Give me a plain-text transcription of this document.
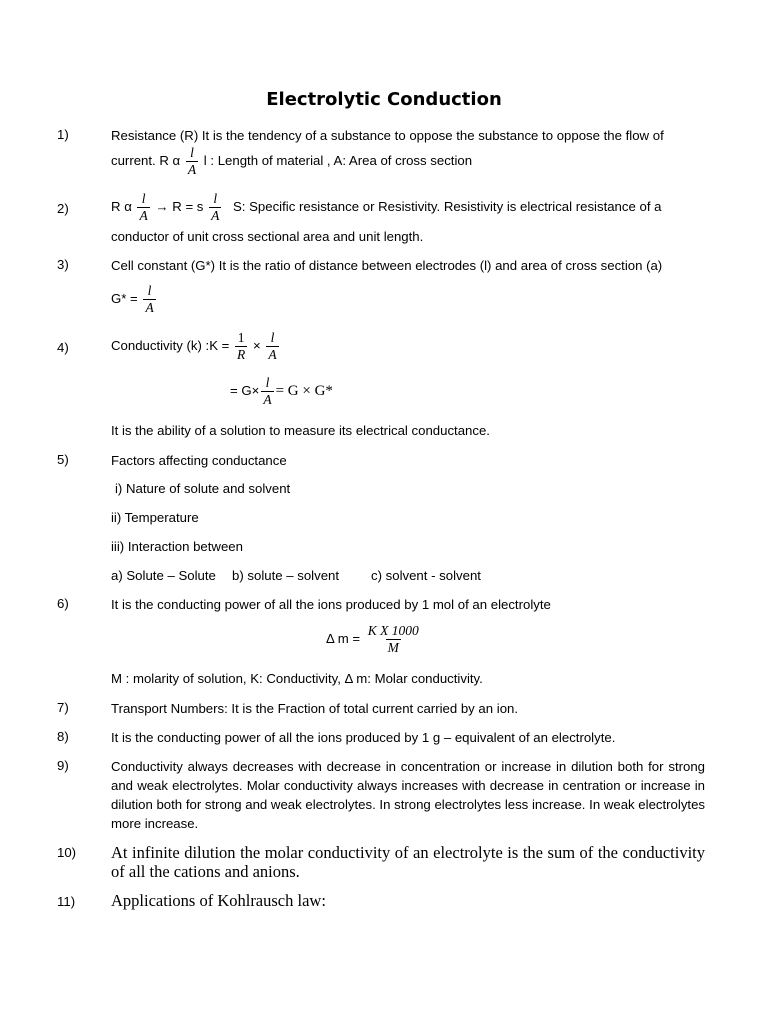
Electrolytic Conduction
1)	Resistance (R) It is the tendency of a substance to oppose the substance to oppose the flow of
current. R α $\frac{l}{A}$ l : Length of material , A: Area of cross section
2)	R α $\frac{l}{A} \to R = s \frac{l}{A} S$: Specific resistance or Resistivity. Resistivity is electrical resistance of a
conductor of unit cross sectional area and unit length.
3)	Cell constant (G*) It is the ratio of distance between electrodes (l) and area of cross section (a)
$G* = \frac{l}{A}$
4)	Conductivity (k) :K = $\frac{1}{R} \times \frac{l}{A}$
= $G\times \frac{l}{A} = G \times G*$
It is the ability of a solution to measure its electrical conductance.
5)	Factors affecting conductance
i) Nature of solute and solvent
ii) Temperature
iii) Interaction between
a) Solute – Solute b) solute – solvent c) solvent - solvent
6)	It is the conducting power of all the ions produced by 1 mol of an electrolyte
Δ $m = \frac{\text{K X 1000}}{M}$
M : molarity of solution, K: Conductivity, Δ m: Molar conductivity.
7)	Transport Numbers: It is the Fraction of total current carried by an ion.
8)	It is the conducting power of all the ions produced by 1 g – equivalent of an electrolyte.
9)	Conductivity always decreases with decrease in concentration or increase in dilution both for strong and weak electrolytes. Molar conductivity always increases with decrease in centration or increase in dilution both for strong and weak electrolytes. In strong electrolytes less increase. In weak electrolytes more increase.
10) At infinite dilution the molar conductivity of an electrolyte is the sum of the conductivity of all the cations and anions.
11) Applications of Kohlrausch law:
